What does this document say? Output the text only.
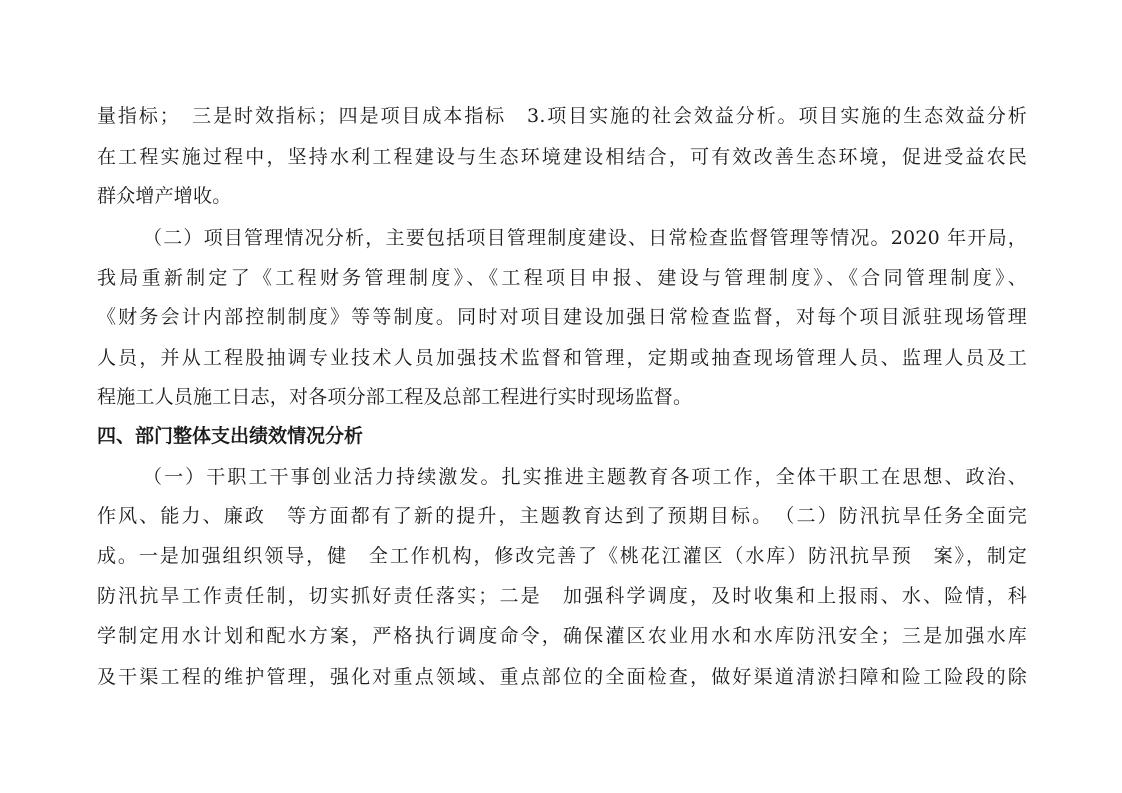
量指标；　三是时效指标；四是项目成本指标　3.项目实施的社会效益分析。项目实施的生态效益分析
在工程实施过程中，坚持水利工程建设与生态环境建设相结合，可有效改善生态环境，促进受益农民
群众增产增收。
（二）项目管理情况分析，主要包括项目管理制度建设、日常检查监督管理等情况。2020 年开局，
我局重新制定了《工程财务管理制度》、《工程项目申报、建设与管理制度》、《合同管理制度》、
《财务会计内部控制制度》等等制度。同时对项目建设加强日常检查监督，对每个项目派驻现场管理
人员，并从工程股抽调专业技术人员加强技术监督和管理，定期或抽查现场管理人员、监理人员及工
程施工人员施工日志，对各项分部工程及总部工程进行实时现场监督。
四、部门整体支出绩效情况分析
（一）干职工干事创业活力持续激发。扎实推进主题教育各项工作，全体干职工在思想、政治、
作风、能力、廉政　等方面都有了新的提升，主题教育达到了预期目标。　（二）防汛抗旱任务全面完
成。一是加强组织领导，健　全工作机构，修改完善了《桃花江灌区（水库）防汛抗旱预　案》，制定
防汛抗旱工作责任制，切实抓好责任落实；二是　加强科学调度，及时收集和上报雨、水、险情，科
学制定用水计划和配水方案，严格执行调度命令，确保灌区农业用水和水库防汛安全；三是加强水库
及干渠工程的维护管理，强化对重点领域、重点部位的全面检查，做好渠道清淤扫障和险工险段的除
